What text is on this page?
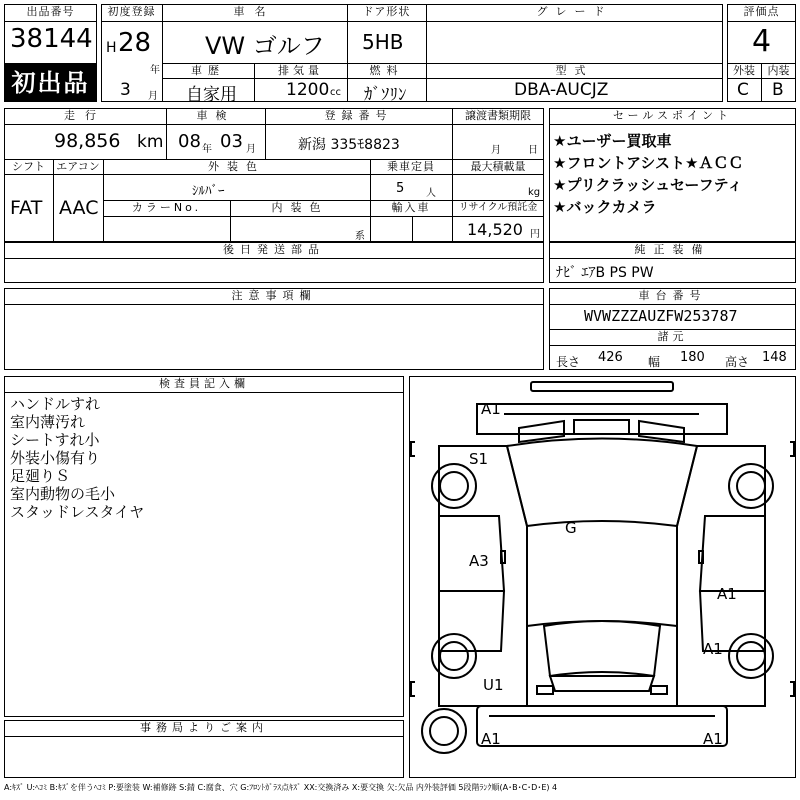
出品番号
38144
初出品
初度登録
H 28
年
3 月
車名
VW ゴルフ
ドア形状
5HB
グレード
車歴
自家用
排気量
1200 cc
燃料
ｶﾞｿﾘﾝ
型式
DBA-AUCJZ
評価点
4
外装	内装
C B
走行
98,856 km
車検
08 年 03 月
登録番号
新潟 335ﾓ8823
譲渡書類期限
月	日
シフト
FAT
エアコン
AAC
外装色
ｼﾙﾊﾞｰ
乗車定員
5 人
最大積載量
kg
カラーNo.	内装色
系
輸入車	リサイクル預託金
14,520 円
セールスポイント
★ユーザー買取車
★フロントアシスト★ＡＣＣ
★プリクラッシュセーフティ
★バックカメラ
後日発送部品	純正装備
ﾅﾋﾞ ｴｱB PS PW
注意事項欄	車台番号
WVWZZZAUZFW253787
諸元
長さ 426 幅 180 高さ 148
検査員記入欄
ハンドルすれ
室内薄汚れ
シートすれ小
外装小傷有り
足廻りＳ
室内動物の毛小
スタッドレスタイヤ
事務局よりご案内
A1
S1
G
A3
A1
A1
U1
A1	A1
A:ｷｽﾞ U:ﾍｺﾐ B:ｷｽﾞを伴うﾍｺﾐ P:要塗装 W:補修跡 S:錆 C:腐食、穴 G:ﾌﾛﾝﾄｶﾞﾗｽ点ｷｽﾞ XX:交換済み X:要交換 欠:欠品 内外装評価 5段階ﾗﾝｸ順(A･B･C･D･E) 4
